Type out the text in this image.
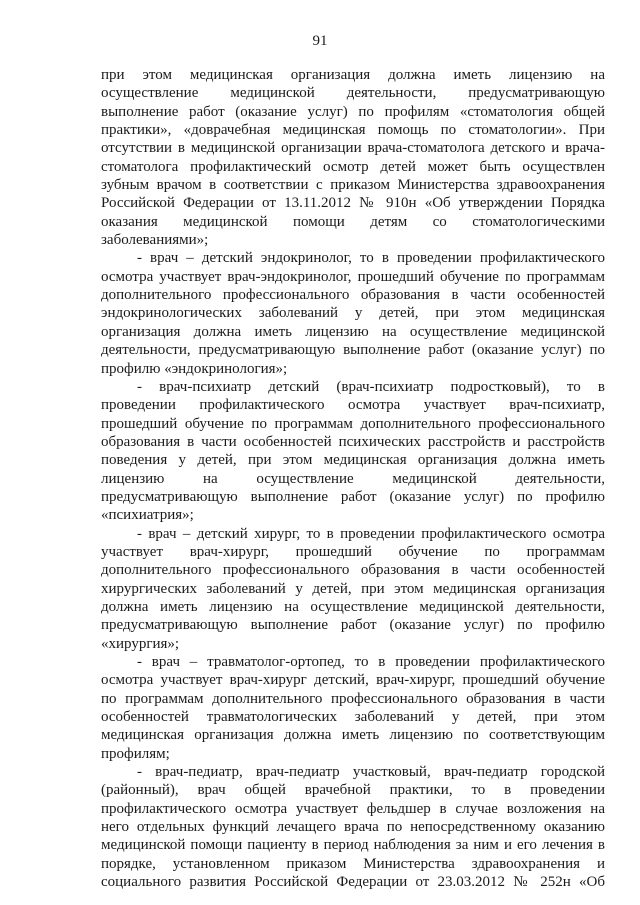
91
при этом медицинская организация должна иметь лицензию на
осуществление медицинской деятельности, предусматривающую
выполнение работ (оказание услуг) по профилям «стоматология общей
практики», «доврачебная медицинская помощь по стоматологии». При
отсутствии в медицинской организации врача-стоматолога детского и врача-
стоматолога профилактический осмотр детей может быть осуществлен
зубным врачом в соответствии с приказом Министерства здравоохранения
Российской Федерации от 13.11.2012 № 910н «Об утверждении Порядка
оказания медицинской помощи детям со стоматологическими
заболеваниями»;
- врач – детский эндокринолог, то в проведении профилактического
осмотра участвует врач-эндокринолог, прошедший обучение по программам
дополнительного профессионального образования в части особенностей
эндокринологических заболеваний у детей, при этом медицинская
организация должна иметь лицензию на осуществление медицинской
деятельности, предусматривающую выполнение работ (оказание услуг) по
профилю «эндокринология»;
- врач-психиатр детский (врач-психиатр подростковый), то в
проведении профилактического осмотра участвует врач-психиатр,
прошедший обучение по программам дополнительного профессионального
образования в части особенностей психических расстройств и расстройств
поведения у детей, при этом медицинская организация должна иметь
лицензию на осуществление медицинской деятельности,
предусматривающую выполнение работ (оказание услуг) по профилю
«психиатрия»;
- врач – детский хирург, то в проведении профилактического осмотра
участвует врач-хирург, прошедший обучение по программам
дополнительного профессионального образования в части особенностей
хирургических заболеваний у детей, при этом медицинская организация
должна иметь лицензию на осуществление медицинской деятельности,
предусматривающую выполнение работ (оказание услуг) по профилю
«хирургия»;
- врач – травматолог-ортопед, то в проведении профилактического
осмотра участвует врач-хирург детский, врач-хирург, прошедший обучение
по программам дополнительного профессионального образования в части
особенностей травматологических заболеваний у детей, при этом
медицинская организация должна иметь лицензию по соответствующим
профилям;
- врач-педиатр, врач-педиатр участковый, врач-педиатр городской
(районный), врач общей врачебной практики, то в проведении
профилактического осмотра участвует фельдшер в случае возложения на
него отдельных функций лечащего врача по непосредственному оказанию
медицинской помощи пациенту в период наблюдения за ним и его лечения в
порядке, установленном приказом Министерства здравоохранения и
социального развития Российской Федерации от 23.03.2012 № 252н «Об
